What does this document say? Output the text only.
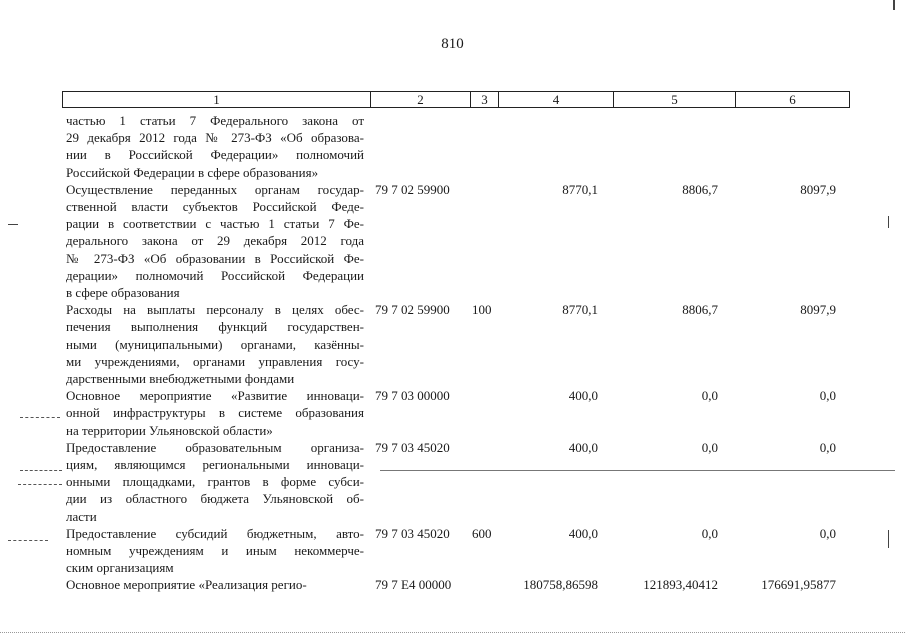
810
1	2	3	4	5	6
частью 1 статьи 7 Федерального закона от
29 декабря 2012 года № 273-ФЗ «Об образова-
нии в Российской Федерации» полномочий
Российской Федерации в сфере образования»
Осуществление переданных органам государ-
ственной власти субъектов Российской Феде-
рации в соответствии с частью 1 статьи 7 Фе-
дерального закона от 29 декабря 2012 года
№ 273-ФЗ «Об образовании в Российской Фе-
дерации» полномочий Российской Федерации
в сфере образования
79 7 02 59900	8770,1	8806,7	8097,9
Расходы на выплаты персоналу в целях обес-
печения выполнения функций государствен-
ными (муниципальными) органами, казённы-
ми учреждениями, органами управления госу-
дарственными внебюджетными фондами
79 7 02 59900 100	8770,1	8806,7	8097,9
Основное мероприятие «Развитие инноваци-
онной инфраструктуры в системе образования
на территории Ульяновской области»
79 7 03 00000	400,0	0,0	0,0
Предоставление образовательным организа-
циям, являющимся региональными инноваци-
онными площадками, грантов в форме субси-
дии из областного бюджета Ульяновской об-
ласти
79 7 03 45020	400,0	0,0	0,0
Предоставление субсидий бюджетным, авто-
номным учреждениям и иным некоммерче-
ским организациям
79 7 03 45020 600	400,0	0,0	0,0
Основное мероприятие «Реализация регио-	79 7 E4 00000	180758,86598	121893,40412	176691,95877
